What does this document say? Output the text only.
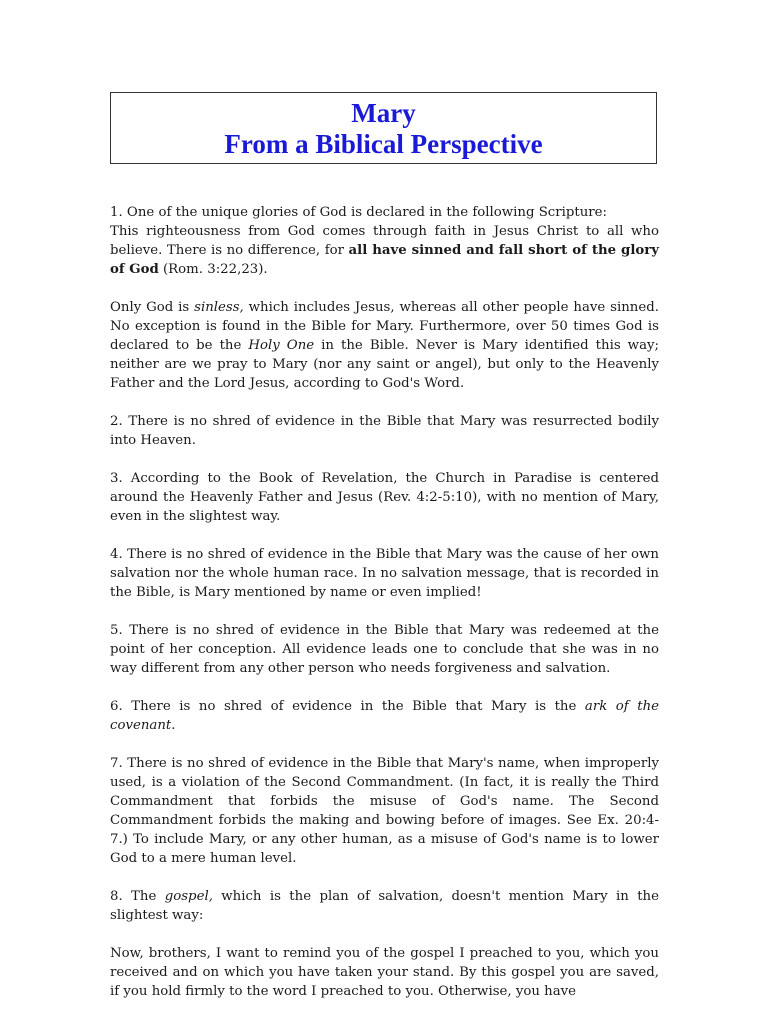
Mary
From a Biblical Perspective

1. One of the unique glories of God is declared in the following Scripture:

This righteousness from God comes through faith in Jesus Christ to all who believe. There is no difference, for all have sinned and fall short of the glory of God (Rom. 3:22,23).

Only God is sinless, which includes Jesus, whereas all other people have sinned. No exception is found in the Bible for Mary. Furthermore, over 50 times God is declared to be the Holy One in the Bible. Never is Mary identified this way; neither are we pray to Mary (nor any saint or angel), but only to the Heavenly Father and the Lord Jesus, according to God's Word.

2. There is no shred of evidence in the Bible that Mary was resurrected bodily into Heaven.

3. According to the Book of Revelation, the Church in Paradise is centered around the Heavenly Father and Jesus (Rev. 4:2-5:10), with no mention of Mary, even in the slightest way.

4. There is no shred of evidence in the Bible that Mary was the cause of her own salvation nor the whole human race. In no salvation message, that is recorded in the Bible, is Mary mentioned by name or even implied!

5. There is no shred of evidence in the Bible that Mary was redeemed at the point of her conception. All evidence leads one to conclude that she was in no way different from any other person who needs forgiveness and salvation.

6. There is no shred of evidence in the Bible that Mary is the ark of the covenant.

7. There is no shred of evidence in the Bible that Mary's name, when improperly used, is a violation of the Second Commandment. (In fact, it is really the Third Commandment that forbids the misuse of God's name. The Second Commandment forbids the making and bowing before of images. See Ex. 20:4-7.) To include Mary, or any other human, as a misuse of God's name is to lower God to a mere human level.

8. The gospel, which is the plan of salvation, doesn't mention Mary in the slightest way:

Now, brothers, I want to remind you of the gospel I preached to you, which you received and on which you have taken your stand. By this gospel you are saved, if you hold firmly to the word I preached to you. Otherwise, you have
